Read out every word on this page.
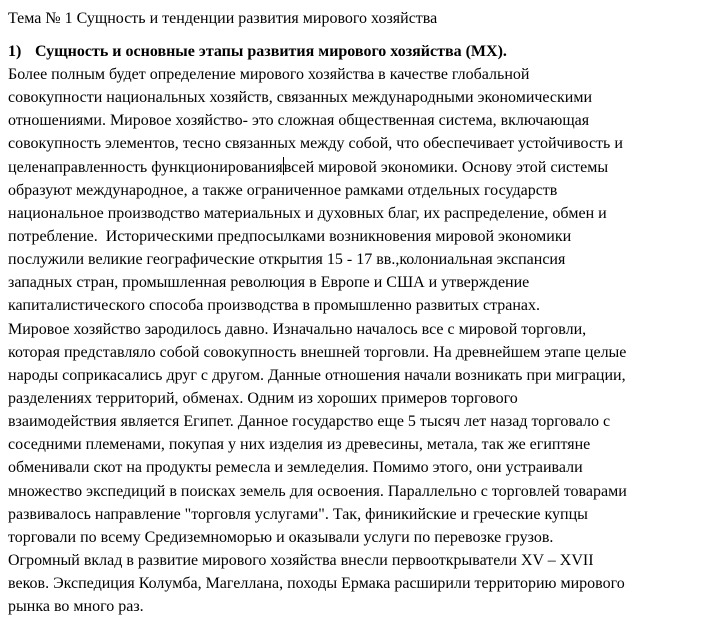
Тема № 1 Сущность и тенденции развития мирового хозяйства
1) Сущность и основные этапы развития мирового хозяйства (МХ).
Более полным будет определение мирового хозяйства в качестве глобальной
совокупности национальных хозяйств, связанных международными экономическими
отношениями. Мировое хозяйство- это сложная общественная система, включающая
совокупность элементов, тесно связанных между собой, что обеспечивает устойчивость и
целенаправленность функционированиявсей мировой экономики. Основу этой системы
образуют международное, а также ограниченное рамками отдельных государств
национальное производство материальных и духовных благ, их распределение, обмен и
потребление.  Историческими предпосылками возникновения мировой экономики
послужили великие географические открытия 15 - 17 вв.,колониальная экспансия
западных стран, промышленная революция в Европе и США и утверждение
капиталистического способа производства в промышленно развитых странах.
Мировое хозяйство зародилось давно. Изначально началось все с мировой торговли,
которая представляло собой совокупность внешней торговли. На древнейшем этапе целые
народы соприкасались друг с другом. Данные отношения начали возникать при миграции,
разделениях территорий, обменах. Одним из хороших примеров торгового
взаимодействия является Египет. Данное государство еще 5 тысяч лет назад торговало с
соседними племенами, покупая у них изделия из древесины, метала, так же египтяне
обменивали скот на продукты ремесла и земледелия. Помимо этого, они устраивали
множество экспедиций в поисках земель для освоения. Параллельно с торговлей товарами
развивалось направление "торговля услугами". Так, финикийские и греческие купцы
торговали по всему Средиземноморью и оказывали услуги по перевозке грузов.
Огромный вклад в развитие мирового хозяйства внесли первооткрыватели XV – XVII
веков. Экспедиция Колумба, Магеллана, походы Ермака расширили территорию мирового
рынка во много раз.
